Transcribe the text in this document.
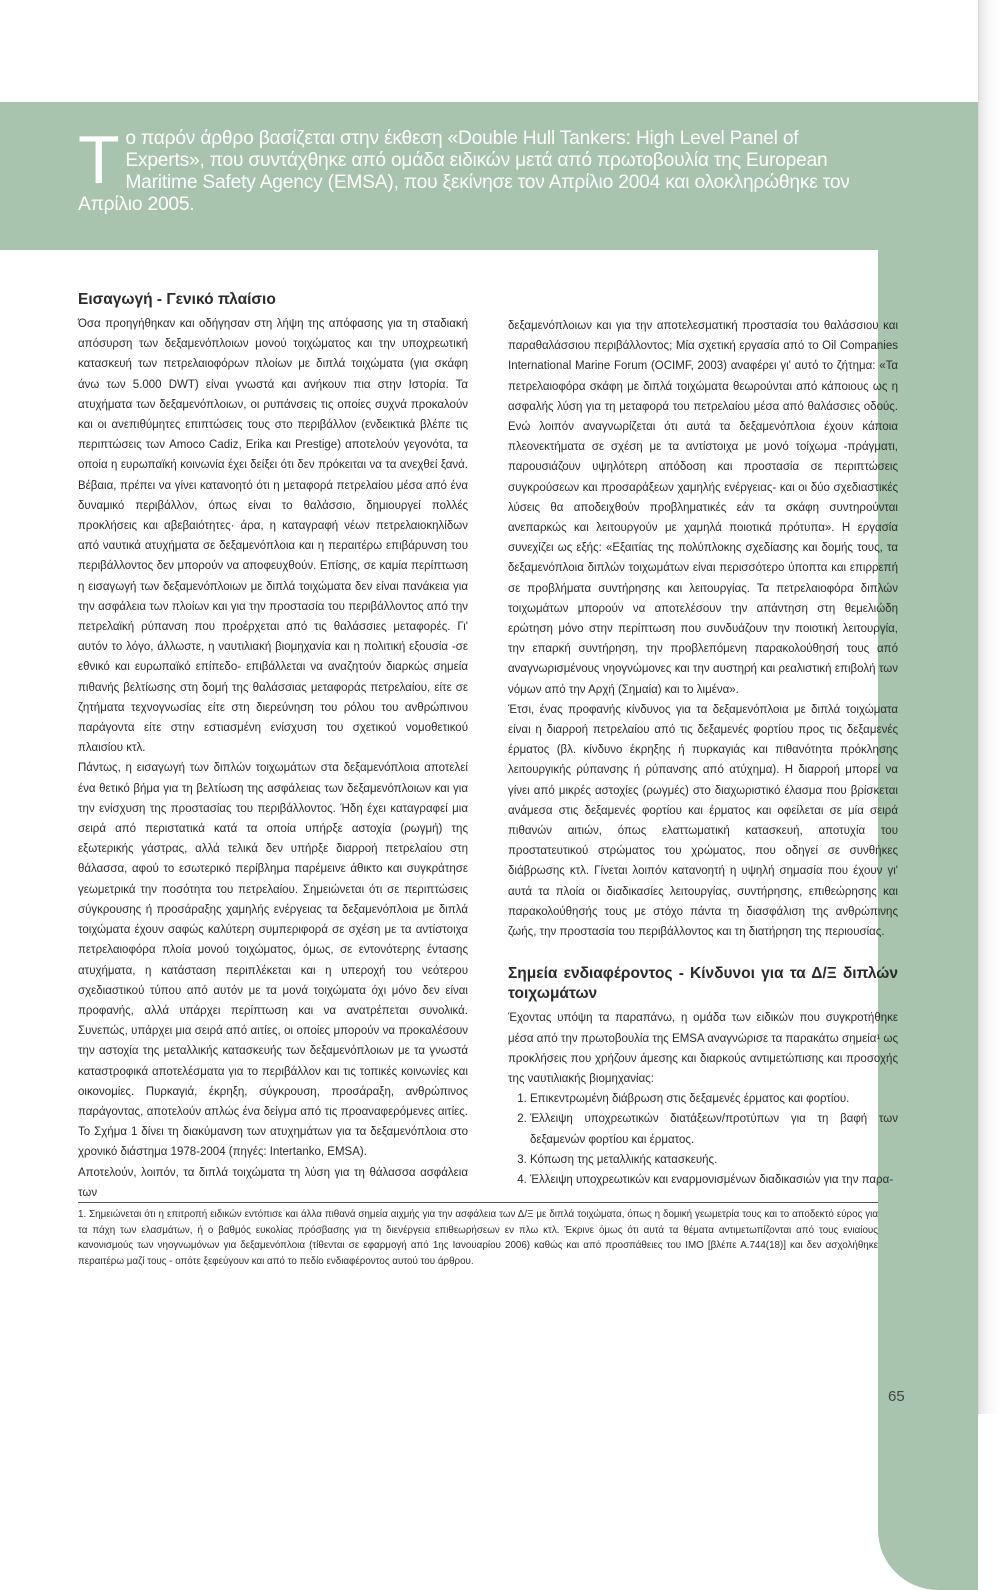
Τ ο παρόν άρθρο βασίζεται στην έκθεση «Double Hull Tankers: High Level Panel of Experts», που συντάχθηκε από ομάδα ειδικών μετά από πρωτοβουλία της European Maritime Safety Agency (EMSA), που ξεκίνησε τον Απρίλιο 2004 και ολοκληρώθηκε τον Απρίλιο 2005.
Εισαγωγή - Γενικό πλαίσιο

Όσα προηγήθηκαν και οδήγησαν στη λήψη της απόφασης για τη σταδιακή απόσυρση των δεξαμενόπλοιων μονού τοιχώματος και την υποχρεωτική κατασκευή των πετρελαιοφόρων πλοίων με διπλά τοιχώματα (για σκάφη άνω των 5.000 DWT) είναι γνωστά και ανήκουν πια στην Ιστορία. Τα ατυχήματα των δεξαμενόπλοιων, οι ρυπάνσεις τις οποίες συχνά προκαλούν και οι ανεπιθύμητες επιπτώσεις τους στο περιβάλλον (ενδεικτικά βλέπε τις περιπτώσεις των Amoco Cadiz, Erika και Prestige) αποτελούν γεγονότα, τα οποία η ευρωπαϊκή κοινωνία έχει δείξει ότι δεν πρόκειται να τα ανεχθεί ξανά. Βέβαια, πρέπει να γίνει κατανοητό ότι η μεταφορά πετρελαίου μέσα από ένα δυναμικό περιβάλλον, όπως είναι το θαλάσσιο, δημιουργεί πολλές προκλήσεις και αβεβαιότητες· άρα, η καταγραφή νέων πετρελαιοκηλίδων από ναυτικά ατυχήματα σε δεξαμενόπλοια και η περαιτέρω επιβάρυνση του περιβάλλοντος δεν μπορούν να αποφευχθούν. Επίσης, σε καμία περίπτωση η εισαγωγή των δεξαμενόπλοιων με διπλά τοιχώματα δεν είναι πανάκεια για την ασφάλεια των πλοίων και για την προστασία του περιβάλλοντος από την πετρελαϊκή ρύπανση που προέρχεται από τις θαλάσσιες μεταφορές. Γι' αυτόν το λόγο, άλλωστε, η ναυτιλιακή βιομηχανία και η πολιτική εξουσία -σε εθνικό και ευρωπαϊκό επίπεδο- επιβάλλεται να αναζητούν διαρκώς σημεία πιθανής βελτίωσης στη δομή της θαλάσσιας μεταφοράς πετρελαίου, είτε σε ζητήματα τεχνογνωσίας είτε στη διερεύνηση του ρόλου του ανθρώπινου παράγοντα είτε στην εστιασμένη ενίσχυση του σχετικού νομοθετικού πλαισίου κτλ.

Πάντως, η εισαγωγή των διπλών τοιχωμάτων στα δεξαμενόπλοια αποτελεί ένα θετικό βήμα για τη βελτίωση της ασφάλειας των δεξαμενόπλοιων και για την ενίσχυση της προστασίας του περιβάλλοντος. Ήδη έχει καταγραφεί μια σειρά από περιστατικά κατά τα οποία υπήρξε αστοχία (ρωγμή) της εξωτερικής γάστρας, αλλά τελικά δεν υπήρξε διαρροή πετρελαίου στη θάλασσα, αφού το εσωτερικό περίβλημα παρέμεινε άθικτο και συγκράτησε γεωμετρικά την ποσότητα του πετρελαίου. Σημειώνεται ότι σε περιπτώσεις σύγκρουσης ή προσάραξης χαμηλής ενέργειας τα δεξαμενόπλοια με διπλά τοιχώματα έχουν σαφώς καλύτερη συμπεριφορά σε σχέση με τα αντίστοιχα πετρελαιοφόρα πλοία μονού τοιχώματος, όμως, σε εντονότερης έντασης ατυχήματα, η κατάσταση περιπλέκεται και η υπεροχή του νεότερου σχεδιαστικού τύπου από αυτόν με τα μονά τοιχώματα όχι μόνο δεν είναι προφανής, αλλά υπάρχει περίπτωση και να ανατρέπεται συνολικά. Συνεπώς, υπάρχει μια σειρά από αιτίες, οι οποίες μπορούν να προκαλέσουν την αστοχία της μεταλλικής κατασκευής των δεξαμενόπλοιων με τα γνωστά καταστροφικά αποτελέσματα για το περιβάλλον και τις τοπικές κοινωνίες και οικονομίες. Πυρκαγιά, έκρηξη, σύγκρουση, προσάραξη, ανθρώπινος παράγοντας, αποτελούν απλώς ένα δείγμα από τις προαναφερόμενες αιτίες. Το Σχήμα 1 δίνει τη διακύμανση των ατυχημάτων για τα δεξαμενόπλοια στο χρονικό διάστημα 1978-2004 (πηγές: Intertanko, EMSA).

Αποτελούν, λοιπόν, τα διπλά τοιχώματα τη λύση για τη θάλασσα ασφάλεια των

δεξαμενόπλοιων και για την αποτελεσματική προστασία του θαλάσσιου και παραθαλάσσιου περιβάλλοντος; Μία σχετική εργασία από το Oil Companies International Marine Forum (OCIMF, 2003) αναφέρει γι' αυτό το ζήτημα: «Τα πετρελαιοφόρα σκάφη με διπλά τοιχώματα θεωρούνται από κάποιους ως η ασφαλής λύση για τη μεταφορά του πετρελαίου μέσα από θαλάσσιες οδούς. Ενώ λοιπόν αναγνωρίζεται ότι αυτά τα δεξαμενόπλοια έχουν κάποια πλεονεκτήματα σε σχέση με τα αντίστοιχα με μονό τοίχωμα -πράγματι, παρουσιάζουν υψηλότερη απόδοση και προστασία σε περιπτώσεις συγκρούσεων και προσαράξεων χαμηλής ενέργειας- και οι δύο σχεδιαστικές λύσεις θα αποδειχθούν προβληματικές εάν τα σκάφη συντηρούνται ανεπαρκώς και λειτουργούν με χαμηλά ποιοτικά πρότυπα». Η εργασία συνεχίζει ως εξής: «Εξαιτίας της πολύπλοκης σχεδίασης και δομής τους, τα δεξαμενόπλοια διπλών τοιχωμάτων είναι περισσότερο ύποπτα και επιρρεπή σε προβλήματα συντήρησης και λειτουργίας. Τα πετρελαιοφόρα διπλών τοιχωμάτων μπορούν να αποτελέσουν την απάντηση στη θεμελιώδη ερώτηση μόνο στην περίπτωση που συνδυάζουν την ποιοτική λειτουργία, την επαρκή συντήρηση, την προβλεπόμενη παρακολούθησή τους από αναγνωρισμένους νηογνώμονες και την αυστηρή και ρεαλιστική επιβολή των νόμων από την Αρχή (Σημαία) και το λιμένα».

Έτσι, ένας προφανής κίνδυνος για τα δεξαμενόπλοια με διπλά τοιχώματα είναι η διαρροή πετρελαίου από τις δεξαμενές φορτίου προς τις δεξαμενές έρματος (βλ. κίνδυνο έκρηξης ή πυρκαγιάς και πιθανότητα πρόκλησης λειτουργικής ρύπανσης ή ρύπανσης από ατύχημα). Η διαρροή μπορεί να γίνει από μικρές αστοχίες (ρωγμές) στο διαχωριστικό έλασμα που βρίσκεται ανάμεσα στις δεξαμενές φορτίου και έρματος και οφείλεται σε μία σειρά πιθανών αιτιών, όπως ελαττωματική κατασκευή, αποτυχία του προστατευτικού στρώματος του χρώματος, που οδηγεί σε συνθήκες διάβρωσης κτλ. Γίνεται λοιπόν κατανοητή η υψηλή σημασία που έχουν γι' αυτά τα πλοία οι διαδικασίες λειτουργίας, συντήρησης, επιθεώρησης και παρακολούθησής τους με στόχο πάντα τη διασφάλιση της ανθρώπινης ζωής, την προστασία του περιβάλλοντος και τη διατήρηση της περιουσίας.

Σημεία ενδιαφέροντος - Κίνδυνοι για τα Δ/Ξ διπλών τοιχωμάτων

Έχοντας υπόψη τα παραπάνω, η ομάδα των ειδικών που συγκροτήθηκε μέσα από την πρωτοβουλία της EMSA αναγνώρισε τα παρακάτω σημεία¹ ως προκλήσεις που χρήζουν άμεσης και διαρκούς αντιμετώπισης και προσοχής της ναυτιλιακής βιομηχανίας:

1. Επικεντρωμένη διάβρωση στις δεξαμενές έρματος και φορτίου.
2. Έλλειψη υποχρεωτικών διατάξεων/προτύπων για τη βαφή των δεξαμενών φορτίου και έρματος.
3. Κόπωση της μεταλλικής κατασκευής.
4. Έλλειψη υποχρεωτικών και εναρμονισμένων διαδικασιών για την παρα-
1. Σημειώνεται ότι η επιτροπή ειδικών εντόπισε και άλλα πιθανά σημεία αιχμής για την ασφάλεια των Δ/Ξ με διπλά τοιχώματα, όπως η δομική γεωμετρία τους και το αποδεκτό εύρος για τα πάχη των ελασμάτων, ή ο βαθμός ευκολίας πρόσβασης για τη διενέργεια επιθεωρήσεων εν πλω κτλ. Έκρινε όμως ότι αυτά τα θέματα αντιμετωπίζονται από τους ενιαίους κανονισμούς των νηογνωμόνων για δεξαμενόπλοια (τίθενται σε εφαρμογή από 1ης Ιανουαρίου 2006) καθώς και από προσπάθειες του IMO [βλέπε Α.744(18)] και δεν ασχολήθηκε περαιτέρω μαζί τους - οπότε ξεφεύγουν και από το πεδίο ενδιαφέροντος αυτού του άρθρου.
65
